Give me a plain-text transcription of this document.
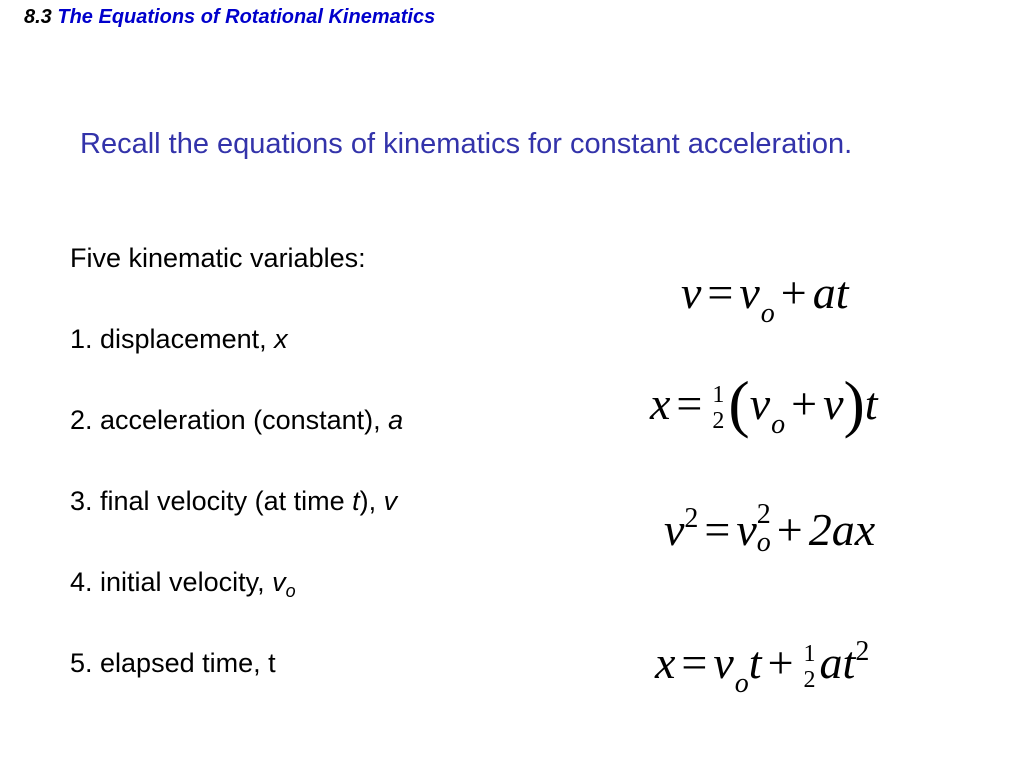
8.3 The Equations of Rotational Kinematics
Recall the equations of kinematics for constant acceleration.
Five kinematic variables:
1. displacement, x
2. acceleration (constant), a
3. final velocity (at time t), v
4. initial velocity, $v_o$
5. elapsed time, t
$v = v_o$ + at
x = 1
2 $(v_o + v)t$
$v^2 = v$ 2
o + 2ax
$x = v_ot + 1$
2 $at^2$
